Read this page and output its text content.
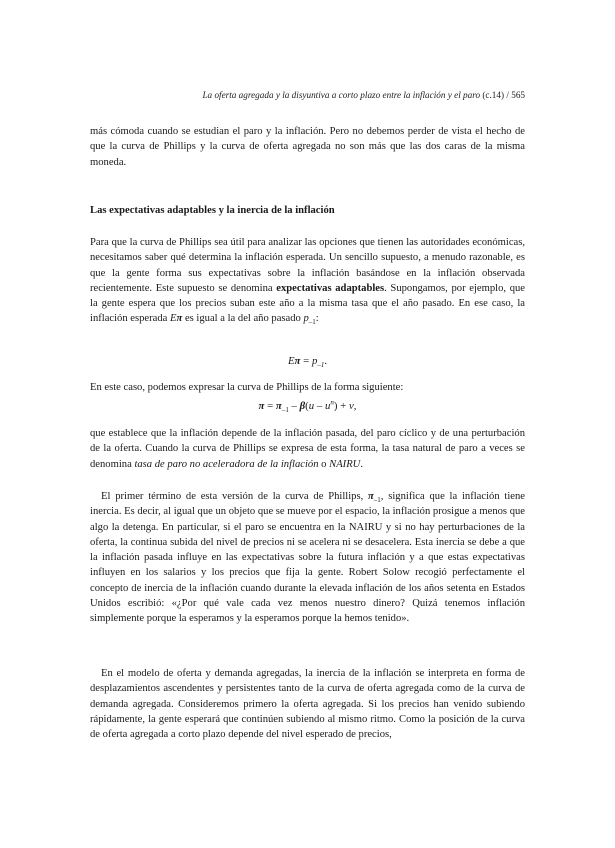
La oferta agregada y la disyuntiva a corto plazo entre la inflación y el paro (c.14) / 565

más cómoda cuando se estudian el paro y la inflación. Pero no debemos perder de vista el hecho de que la curva de Phillips y la curva de oferta agregada no son más que las dos caras de la misma moneda.

Las expectativas adaptables y la inercia de la inflación

Para que la curva de Phillips sea útil para analizar las opciones que tienen las autoridades económicas, necesitamos saber qué determina la inflación esperada. Un sencillo supuesto, a menudo razonable, es que la gente forma sus expectativas sobre la inflación basándose en la inflación observada recientemente. Este supuesto se denomina expectativas adaptables. Supongamos, por ejemplo, que la gente espera que los precios suban este año a la misma tasa que el año pasado. En ese caso, la inflación esperada Eπ es igual a la del año pasado $p_{-1}$:

$E\pi = p_{-1}$.

En este caso, podemos expresar la curva de Phillips de la forma siguiente:

$\pi = \pi_{-1} - \beta(u - u^n) + v$,

que establece que la inflación depende de la inflación pasada, del paro cíclico y de una perturbación de la oferta. Cuando la curva de Phillips se expresa de esta forma, la tasa natural de paro a veces se denomina tasa de paro no aceleradora de la inflación o NAIRU.

El primer término de esta versión de la curva de Phillips, $\pi_{-1}$, significa que la inflación tiene inercia. Es decir, al igual que un objeto que se mueve por el espacio, la inflación prosigue a menos que algo la detenga. En particular, si el paro se encuentra en la NAIRU y si no hay perturbaciones de la oferta, la continua subida del nivel de precios ni se acelera ni se desacelera. Esta inercia se debe a que la inflación pasada influye en las expectativas sobre la futura inflación y a que estas expectativas influyen en los salarios y los precios que fija la gente. Robert Solow recogió perfectamente el concepto de inercia de la inflación cuando durante la elevada inflación de los años setenta en Estados Unidos escribió: «¿Por qué vale cada vez menos nuestro dinero? Quizá tenemos inflación simplemente porque la esperamos y la esperamos porque la hemos tenido».

En el modelo de oferta y demanda agregadas, la inercia de la inflación se interpreta en forma de desplazamientos ascendentes y persistentes tanto de la curva de oferta agregada como de la curva de demanda agregada. Consideremos primero la oferta agregada. Si los precios han venido subiendo rápidamente, la gente esperará que continúen subiendo al mismo ritmo. Como la posición de la curva de oferta agregada a corto plazo depende del nivel esperado de precios,
